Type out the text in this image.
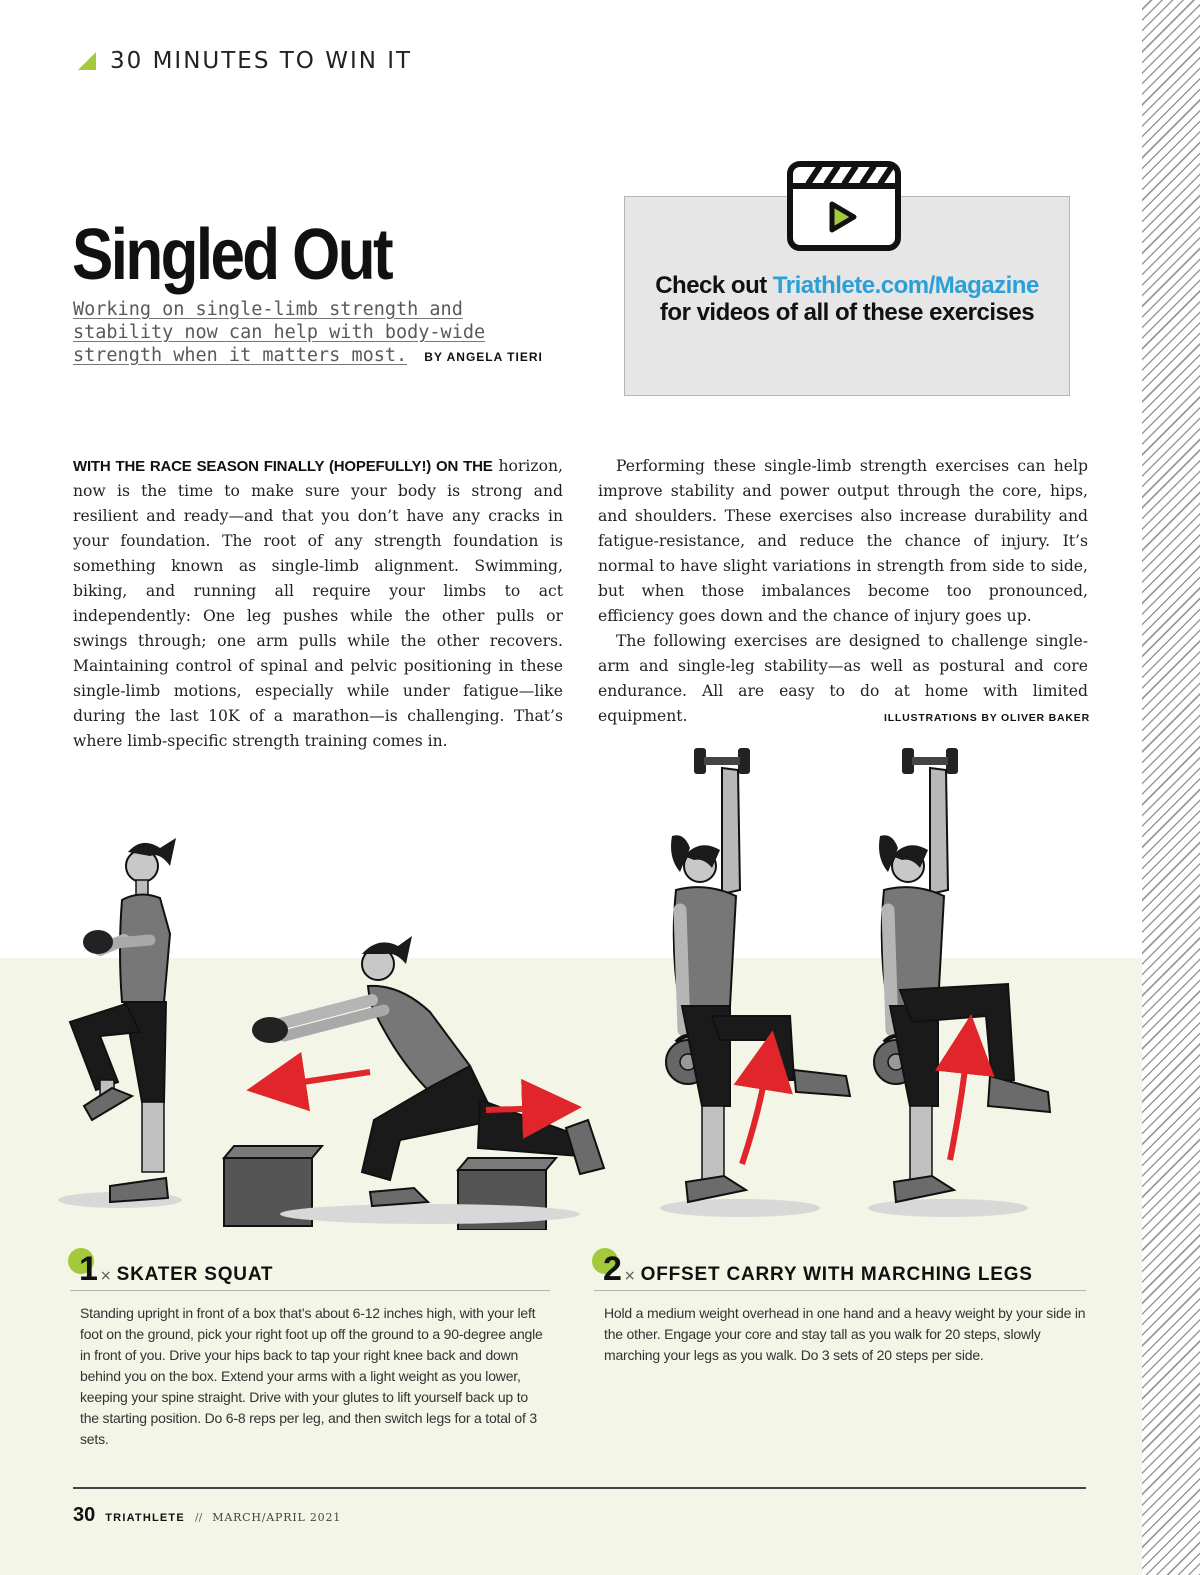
30 MINUTES TO WIN IT
Singled Out
Working on single-limb strength and stability now can help with body-wide strength when it matters most. BY ANGELA TIERI
Check out Triathlete.com/Magazine
for videos of all of these exercises

WITH THE RACE SEASON FINALLY (HOPEFULLY!) ON THE horizon, now is the time to make sure your body is strong and resilient and ready—and that you don’t have any cracks in your foundation. The root of any strength foundation is something known as single-limb alignment. Swimming, biking, and running all require your limbs to act independently: One leg pushes while the other pulls or swings through; one arm pulls while the other recovers. Maintaining control of spinal and pelvic positioning in these single-limb motions, especially while under fatigue—like during the last 10K of a marathon—is challenging. That’s where limb-specific strength training comes in.

Performing these single-limb strength exercises can help improve stability and power output through the core, hips, and shoulders. These exercises also increase durability and fatigue-resistance, and reduce the chance of injury. It’s normal to have slight variations in strength from side to side, but when those imbalances become too pronounced, efficiency goes down and the chance of injury goes up.

The following exercises are designed to challenge single-arm and single-leg stability—as well as postural and core endurance. All are easy to do at home with limited equipment.	ILLUSTRATIONS BY OLIVER BAKER
1 × SKATER SQUAT

Standing upright in front of a box that’s about 6-12 inches high, with your left foot on the ground, pick your right foot up off the ground to a 90-degree angle in front of you. Drive your hips back to tap your right knee back and down behind you on the box. Extend your arms with a light weight as you lower, keeping your spine straight. Drive with your glutes to lift yourself back up to the starting position. Do 6-8 reps per leg, and then switch legs for a total of 3 sets.

2 × OFFSET CARRY WITH MARCHING LEGS

Hold a medium weight overhead in one hand and a heavy weight by your side in the other. Engage your core and stay tall as you walk for 20 steps, slowly marching your legs as you walk. Do 3 sets of 20 steps per side.

30 TRIATHLETE // MARCH/APRIL 2021
